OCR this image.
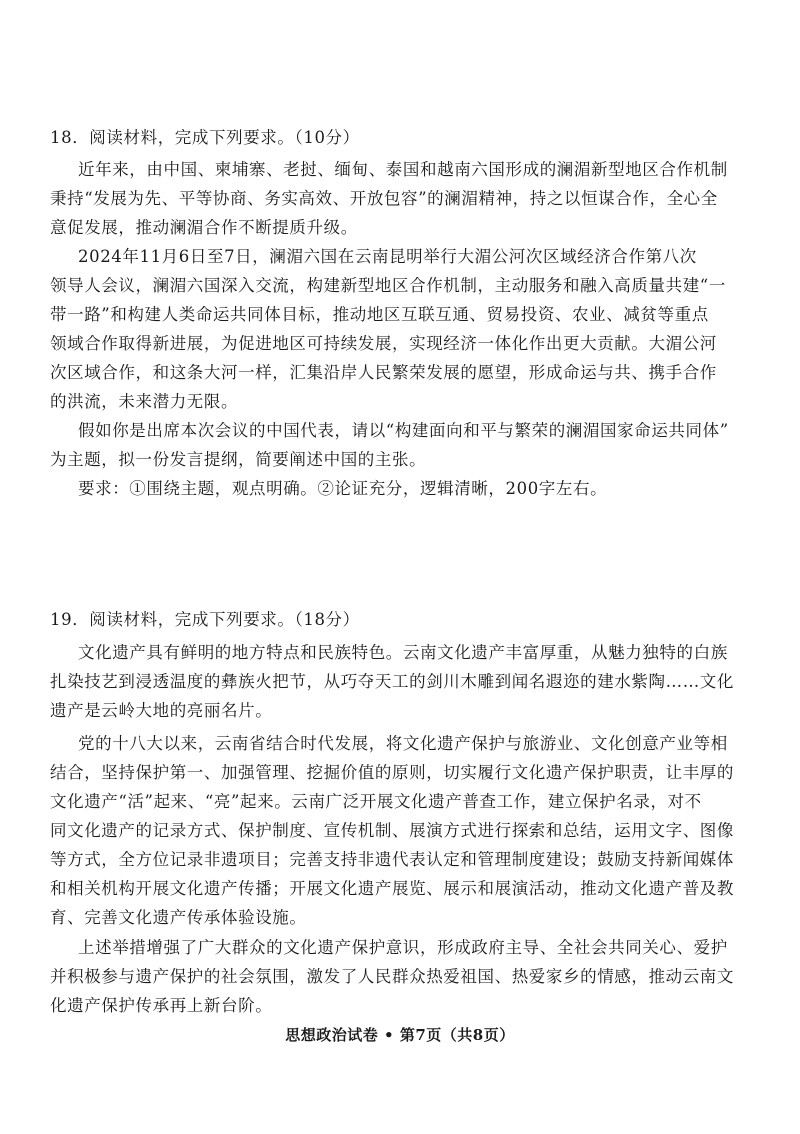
18．阅读材料，完成下列要求。（10分）
近年来，由中国、柬埔寨、老挝、缅甸、泰国和越南六国形成的澜湄新型地区合作机制
秉持“发展为先、平等协商、务实高效、开放包容”的澜湄精神，持之以恒谋合作，全心全
意促发展，推动澜湄合作不断提质升级。
2024年11月6日至7日，澜湄六国在云南昆明举行大湄公河次区域经济合作第八次
领导人会议，澜湄六国深入交流，构建新型地区合作机制，主动服务和融入高质量共建“一
带一路”和构建人类命运共同体目标，推动地区互联互通、贸易投资、农业、减贫等重点
领域合作取得新进展，为促进地区可持续发展，实现经济一体化作出更大贡献。大湄公河
次区域合作，和这条大河一样，汇集沿岸人民繁荣发展的愿望，形成命运与共、携手合作
的洪流，未来潜力无限。
假如你是出席本次会议的中国代表，请以“构建面向和平与繁荣的澜湄国家命运共同体”
为主题，拟一份发言提纲，简要阐述中国的主张。
要求：①围绕主题，观点明确。②论证充分，逻辑清晰，200字左右。
19．阅读材料，完成下列要求。（18分）
文化遗产具有鲜明的地方特点和民族特色。云南文化遗产丰富厚重，从魅力独特的白族
扎染技艺到浸透温度的彝族火把节，从巧夺天工的剑川木雕到闻名遐迩的建水紫陶……文化
遗产是云岭大地的亮丽名片。
党的十八大以来，云南省结合时代发展，将文化遗产保护与旅游业、文化创意产业等相
结合，坚持保护第一、加强管理、挖掘价值的原则，切实履行文化遗产保护职责，让丰厚的
文化遗产“活”起来、“亮”起来。云南广泛开展文化遗产普查工作，建立保护名录，对不
同文化遗产的记录方式、保护制度、宣传机制、展演方式进行探索和总结，运用文字、图像
等方式，全方位记录非遗项目；完善支持非遗代表认定和管理制度建设；鼓励支持新闻媒体
和相关机构开展文化遗产传播；开展文化遗产展览、展示和展演活动，推动文化遗产普及教
育、完善文化遗产传承体验设施。
上述举措增强了广大群众的文化遗产保护意识，形成政府主导、全社会共同关心、爱护
并积极参与遗产保护的社会氛围，激发了人民群众热爱祖国、热爱家乡的情感，推动云南文
化遗产保护传承再上新台阶。
思想政治试卷 • 第7页（共8页）
